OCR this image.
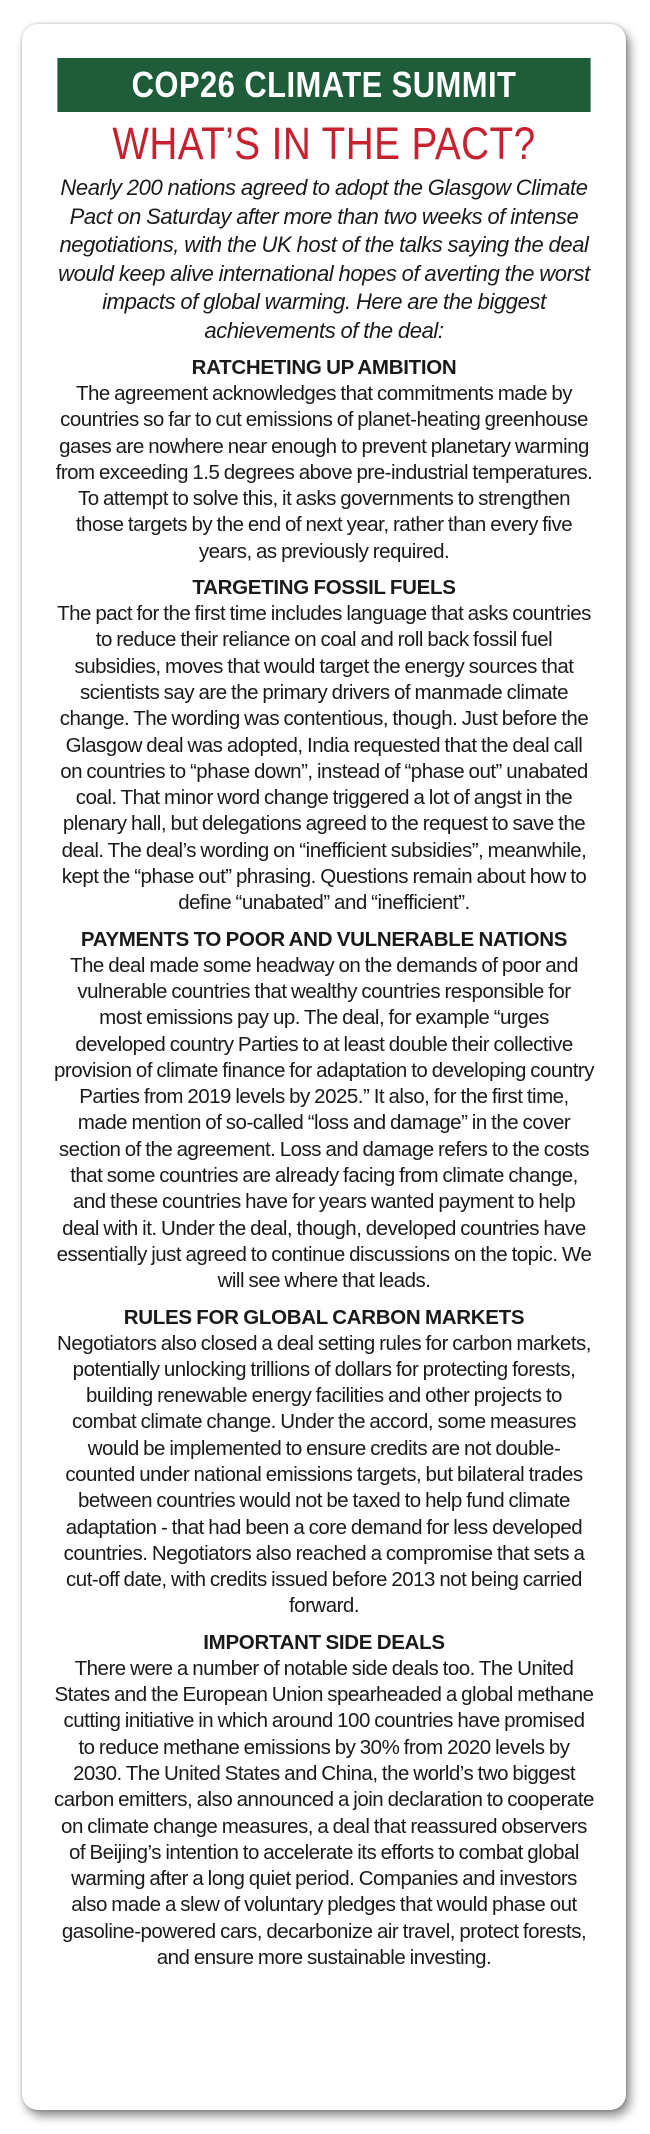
COP26 CLIMATE SUMMIT
WHAT’S IN THE PACT?
Nearly 200 nations agreed to adopt the Glasgow Climate Pact on Saturday after more than two weeks of intense negotiations, with the UK host of the talks saying the deal would keep alive international hopes of averting the worst impacts of global warming. Here are the biggest achievements of the deal:
RATCHETING UP AMBITION

The agreement acknowledges that commitments made by countries so far to cut emissions of planet-heating greenhouse gases are nowhere near enough to prevent planetary warming from exceeding 1.5 degrees above pre-industrial temperatures. To attempt to solve this, it asks governments to strengthen those targets by the end of next year, rather than every five years, as previously required.

TARGETING FOSSIL FUELS

The pact for the first time includes language that asks countries to reduce their reliance on coal and roll back fossil fuel subsidies, moves that would target the energy sources that scientists say are the primary drivers of manmade climate change. The wording was contentious, though. Just before the Glasgow deal was adopted, India requested that the deal call on countries to “phase down”, instead of “phase out” unabated coal. That minor word change triggered a lot of angst in the plenary hall, but delegations agreed to the request to save the deal. The deal’s wording on “inefficient subsidies”, meanwhile, kept the “phase out” phrasing. Questions remain about how to define “unabated” and “inefficient”.

PAYMENTS TO POOR AND VULNERABLE NATIONS

The deal made some headway on the demands of poor and vulnerable countries that wealthy countries responsible for most emissions pay up. The deal, for example “urges developed country Parties to at least double their collective provision of climate finance for adaptation to developing country Parties from 2019 levels by 2025.” It also, for the first time, made mention of so-called “loss and damage” in the cover section of the agreement. Loss and damage refers to the costs that some countries are already facing from climate change, and these countries have for years wanted payment to help deal with it. Under the deal, though, developed countries have essentially just agreed to continue discussions on the topic. We will see where that leads.

RULES FOR GLOBAL CARBON MARKETS

Negotiators also closed a deal setting rules for carbon markets, potentially unlocking trillions of dollars for protecting forests, building renewable energy facilities and other projects to combat climate change. Under the accord, some measures would be implemented to ensure credits are not double-counted under national emissions targets, but bilateral trades between countries would not be taxed to help fund climate adaptation - that had been a core demand for less developed countries. Negotiators also reached a compromise that sets a cut-off date, with credits issued before 2013 not being carried forward.

IMPORTANT SIDE DEALS

There were a number of notable side deals too. The United States and the European Union spearheaded a global methane cutting initiative in which around 100 countries have promised to reduce methane emissions by 30% from 2020 levels by 2030. The United States and China, the world’s two biggest carbon emitters, also announced a join declaration to cooperate on climate change measures, a deal that reassured observers of Beijing’s intention to accelerate its efforts to combat global warming after a long quiet period. Companies and investors also made a slew of voluntary pledges that would phase out gasoline-powered cars, decarbonize air travel, protect forests, and ensure more sustainable investing.
